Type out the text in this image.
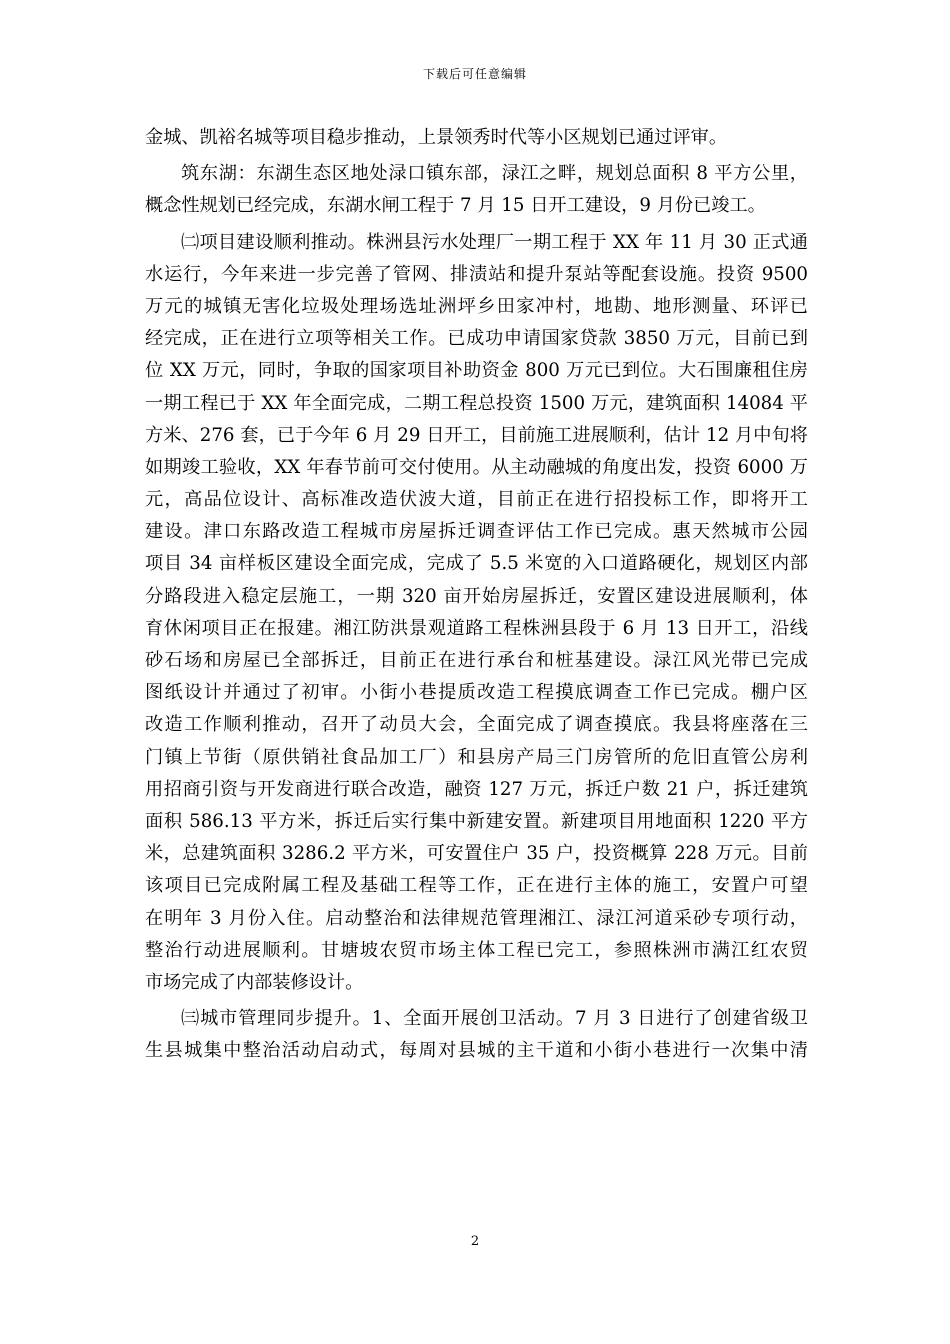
下载后可任意编辑
金城、凯裕名城等项目稳步推动，上景领秀时代等小区规划已通过评审。
筑东湖：东湖生态区地处渌口镇东部，渌江之畔，规划总面积 8 平方公里，
概念性规划已经完成，东湖水闸工程于 7 月 15 日开工建设，9 月份已竣工。
㈡项目建设顺利推动。株洲县污水处理厂一期工程于 XX 年 11 月 30 正式通
水运行，今年来进一步完善了管网、排渍站和提升泵站等配套设施。投资 9500
万元的城镇无害化垃圾处理场选址洲坪乡田家冲村，地勘、地形测量、环评已
经完成，正在进行立项等相关工作。已成功申请国家贷款 3850 万元，目前已到
位 XX 万元，同时，争取的国家项目补助资金 800 万元已到位。大石围廉租住房
一期工程已于 XX 年全面完成，二期工程总投资 1500 万元，建筑面积 14084 平
方米、276 套，已于今年 6 月 29 日开工，目前施工进展顺利，估计 12 月中旬将
如期竣工验收，XX 年春节前可交付使用。从主动融城的角度出发，投资 6000 万
元，高品位设计、高标准改造伏波大道，目前正在进行招投标工作，即将开工
建设。津口东路改造工程城市房屋拆迁调查评估工作已完成。惠天然城市公园
项目 34 亩样板区建设全面完成，完成了 5.5 米宽的入口道路硬化，规划区内部
分路段进入稳定层施工，一期 320 亩开始房屋拆迁，安置区建设进展顺利，体
育休闲项目正在报建。湘江防洪景观道路工程株洲县段于 6 月 13 日开工，沿线
砂石场和房屋已全部拆迁，目前正在进行承台和桩基建设。渌江风光带已完成
图纸设计并通过了初审。小街小巷提质改造工程摸底调查工作已完成。棚户区
改造工作顺利推动，召开了动员大会，全面完成了调查摸底。我县将座落在三
门镇上节街（原供销社食品加工厂）和县房产局三门房管所的危旧直管公房利
用招商引资与开发商进行联合改造，融资 127 万元，拆迁户数 21 户，拆迁建筑
面积 586.13 平方米，拆迁后实行集中新建安置。新建项目用地面积 1220 平方
米，总建筑面积 3286.2 平方米，可安置住户 35 户，投资概算 228 万元。目前
该项目已完成附属工程及基础工程等工作，正在进行主体的施工，安置户可望
在明年 3 月份入住。启动整治和法律规范管理湘江、渌江河道采砂专项行动，
整治行动进展顺利。甘塘坡农贸市场主体工程已完工，参照株洲市满江红农贸
市场完成了内部装修设计。
㈢城市管理同步提升。1、全面开展创卫活动。7 月 3 日进行了创建省级卫
生县城集中整治活动启动式，每周对县城的主干道和小街小巷进行一次集中清
2
